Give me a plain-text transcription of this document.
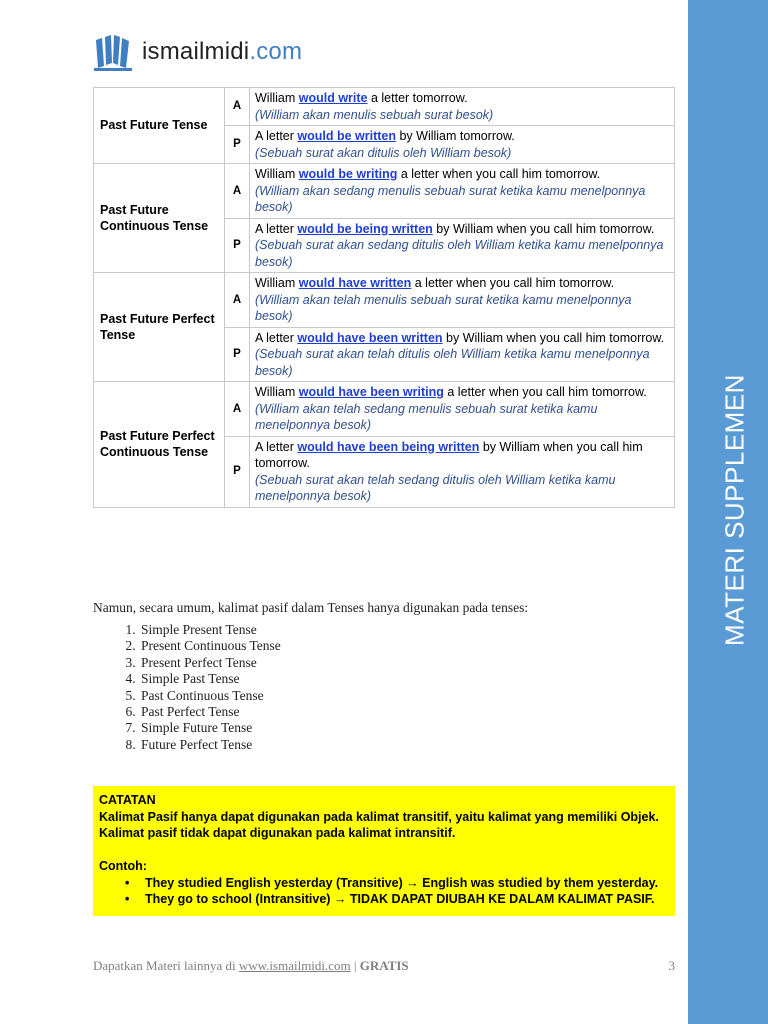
MATERI SUPPLEMEN
ismailmidi.com
Past Future Tense	A	William would write a letter tomorrow.
(William akan menulis sebuah surat besok)

	P	A letter would be written by William tomorrow.
(Sebuah surat akan ditulis oleh William besok)

Past Future Continuous Tense	A	William would be writing a letter when you call him tomorrow.
(William akan sedang menulis sebuah surat ketika kamu menelponnya besok)

	P	A letter would be being written by William when you call him tomorrow.
(Sebuah surat akan sedang ditulis oleh William ketika kamu menelponnya besok)

Past Future Perfect Tense	A	William would have written a letter when you call him tomorrow.
(William akan telah menulis sebuah surat ketika kamu menelponnya besok)

	P	A letter would have been written by William when you call him tomorrow.
(Sebuah surat akan telah ditulis oleh William ketika kamu menelponnya besok)

Past Future Perfect Continuous Tense	A	William would have been writing a letter when you call him tomorrow.
(William akan telah sedang menulis sebuah surat ketika kamu menelponnya besok)

	P	A letter would have been being written by William when you call him tomorrow.
(Sebuah surat akan telah sedang ditulis oleh William ketika kamu menelponnya besok)
Namun, secara umum, kalimat pasif dalam Tenses hanya digunakan pada tenses:
1. Simple Present Tense
2. Present Continuous Tense
3. Present Perfect Tense
4. Simple Past Tense
5. Past Continuous Tense
6. Past Perfect Tense
7. Simple Future Tense
8. Future Perfect Tense
CATATAN
Kalimat Pasif hanya dapat digunakan pada kalimat transitif, yaitu kalimat yang memiliki Objek.
Kalimat pasif tidak dapat digunakan pada kalimat intransitif.

Contoh:
• They studied English yesterday (Transitive) → English was studied by them yesterday.
• They go to school (Intransitive) → TIDAK DAPAT DIUBAH KE DALAM KALIMAT PASIF.
Dapatkan Materi lainnya di www.ismailmidi.com | GRATIS	3
